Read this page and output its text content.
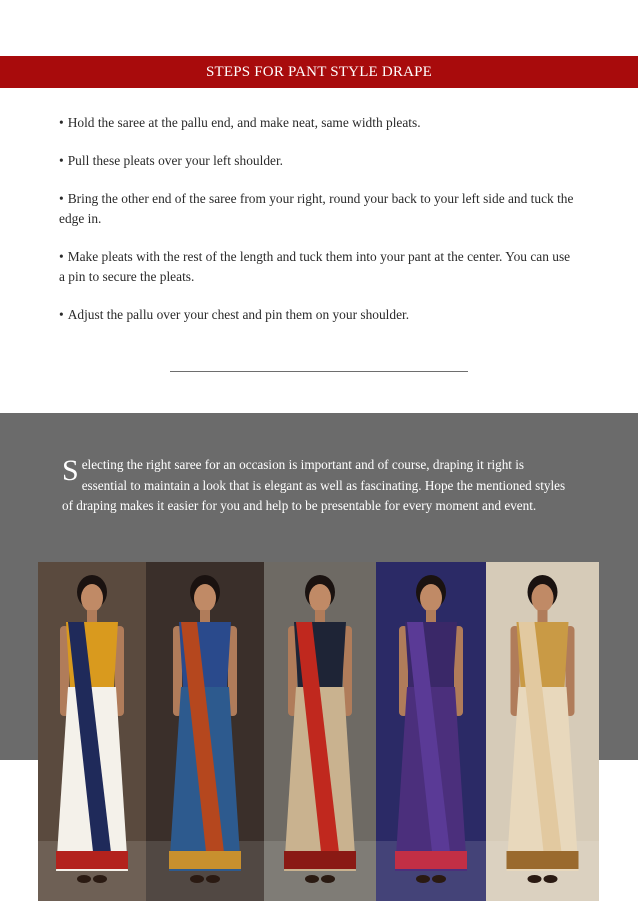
STEPS FOR PANT STYLE DRAPE
• Hold the saree at the pallu end, and make neat, same width pleats.
• Pull these pleats over your left shoulder.
• Bring the other end of the saree from your right, round your back to your left side and tuck the edge in.
• Make pleats with the rest of the length and tuck them into your pant at the center. You can use a pin to secure the pleats.
• Adjust the pallu over your chest and pin them on your shoulder.
Selecting the right saree for an occasion is important and of course, draping it right is essential to maintain a look that is elegant as well as fascinating. Hope the mentioned styles of draping makes it easier for you and help to be presentable for every moment and event.
